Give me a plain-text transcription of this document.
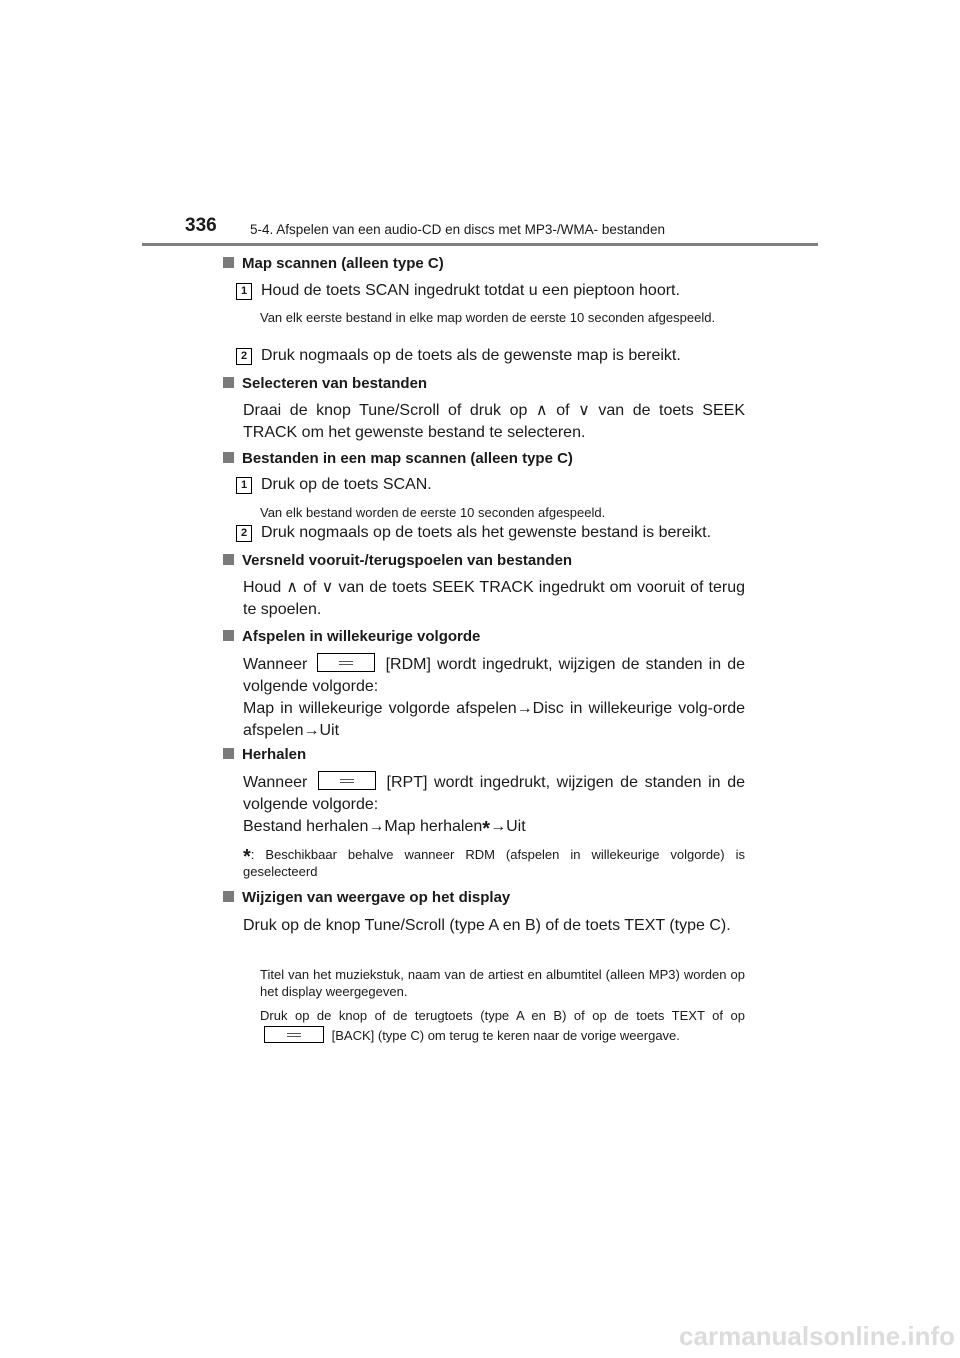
336 5-4. Afspelen van een audio-CD en discs met MP3-/WMA- bestanden
Map scannen (alleen type C)
1 Houd de toets SCAN ingedrukt totdat u een pieptoon hoort.
Van elk eerste bestand in elke map worden de eerste 10 seconden afgespeeld.
2 Druk nogmaals op de toets als de gewenste map is bereikt.
Selecteren van bestanden
Draai de knop Tune/Scroll of druk op ∧ of ∨ van de toets SEEK TRACK om het gewenste bestand te selecteren.
Bestanden in een map scannen (alleen type C)
1 Druk op de toets SCAN.
Van elk bestand worden de eerste 10 seconden afgespeeld.
2 Druk nogmaals op de toets als het gewenste bestand is bereikt.
Versneld vooruit-/terugspoelen van bestanden
Houd ∧ of ∨ van de toets SEEK TRACK ingedrukt om vooruit of terug te spoelen.
Afspelen in willekeurige volgorde
Wanneer	[RDM] wordt ingedrukt, wijzigen de standen in de volgende volgorde:
Map in willekeurige volgorde afspelen→Disc in willekeurige volg-orde afspelen→Uit
Herhalen
Wanneer	[RPT] wordt ingedrukt, wijzigen de standen in de volgende volgorde:
Bestand herhalen→Map herhalen*→Uit
*: Beschikbaar behalve wanneer RDM (afspelen in willekeurige volgorde) is geselecteerd
Wijzigen van weergave op het display
Druk op de knop Tune/Scroll (type A en B) of de toets TEXT (type C).
Titel van het muziekstuk, naam van de artiest en albumtitel (alleen MP3) worden op het display weergegeven.
Druk op de knop of de terugtoets (type A en B) of op de toets TEXT of op  [BACK] (type C) om terug te keren naar de vorige weergave.
carmanualsonline.info
